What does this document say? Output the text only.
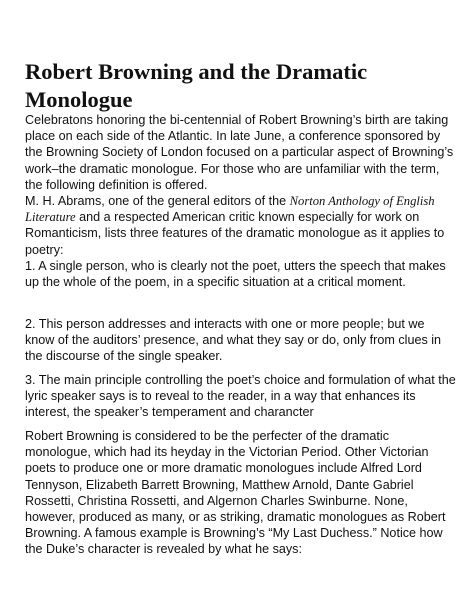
Robert Browning and the Dramatic Monologue

Celebratons honoring the bi-centennial of Robert Browning’s birth are taking place on each side of the Atlantic. In late June, a conference sponsored by the Browning Society of London focused on a particular aspect of Browning’s work–the dramatic monologue. For those who are unfamiliar with the term, the following definition is offered.

M. H. Abrams, one of the general editors of the Norton Anthology of English Literature and a respected American critic known especially for work on Romanticism, lists three features of the dramatic monologue as it applies to poetry:

1. A single person, who is clearly not the poet, utters the speech that makes up the whole of the poem, in a specific situation at a critical moment.

2. This person addresses and interacts with one or more people; but we know of the auditors’ presence, and what they say or do, only from clues in the discourse of the single speaker.

3. The main principle controlling the poet’s choice and formulation of what the lyric speaker says is to reveal to the reader, in a way that enhances its interest, the speaker’s temperament and charancter

Robert Browning is considered to be the perfecter of the dramatic monologue, which had its heyday in the Victorian Period. Other Victorian poets to produce one or more dramatic monologues include Alfred Lord Tennyson, Elizabeth Barrett Browning, Matthew Arnold, Dante Gabriel Rossetti, Christina Rossetti, and Algernon Charles Swinburne. None, however, produced as many, or as striking, dramatic monologues as Robert Browning. A famous example is Browning’s “My Last Duchess.” Notice how the Duke’s character is revealed by what he says:
